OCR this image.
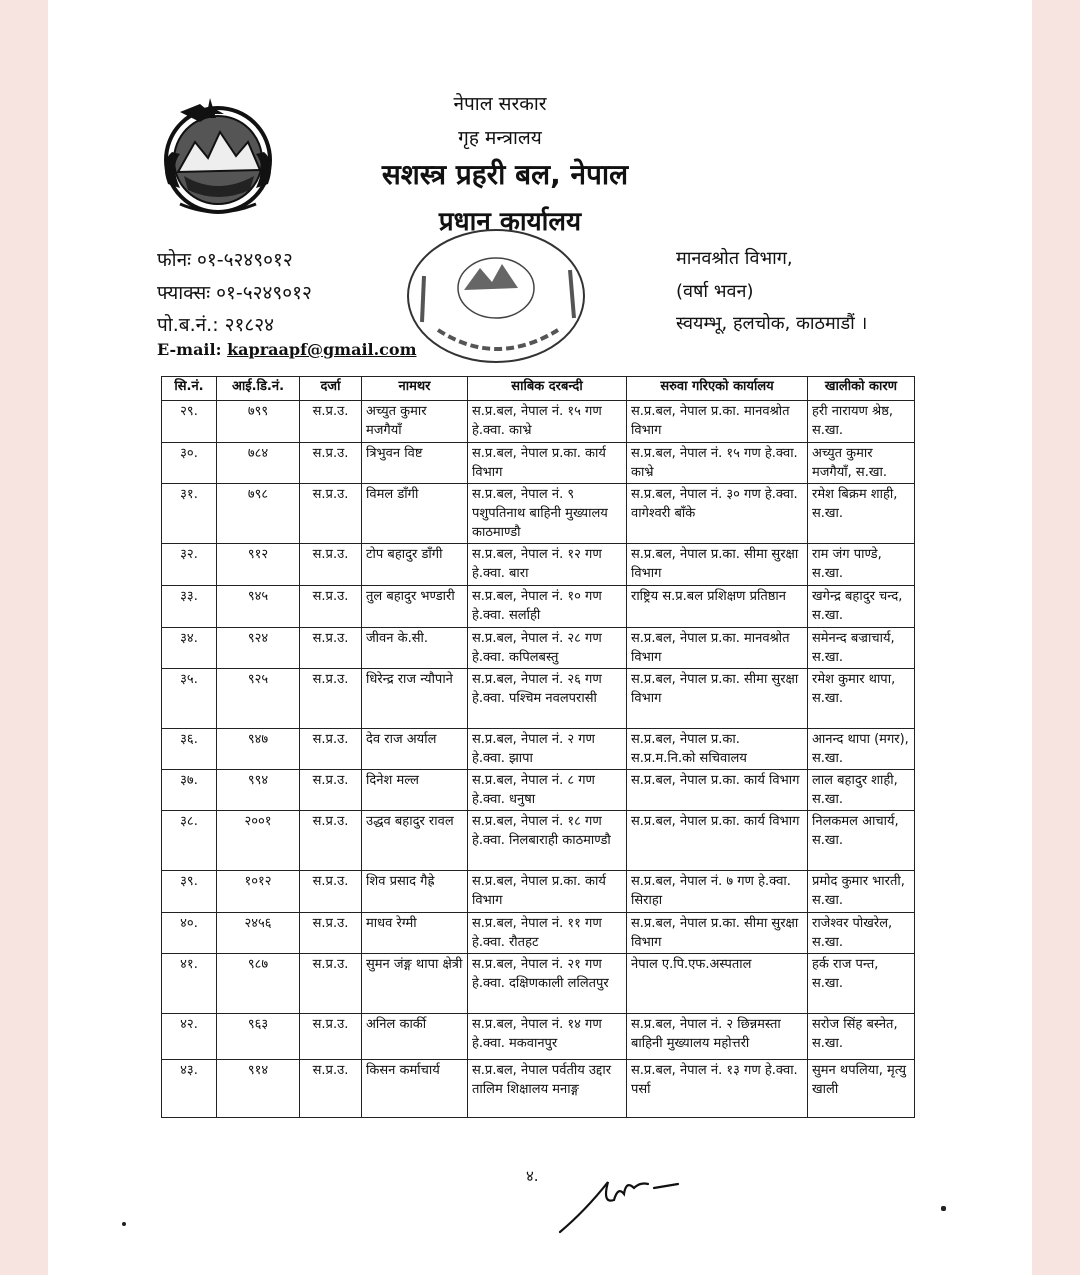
नेपाल सरकार
गृह मन्त्रालय
सशस्त्र प्रहरी बल, नेपाल
प्रधान कार्यालय
फोनः ०१-५२४९०१२
फ्याक्सः ०१-५२४९०१२
पो.ब.नं.: २१८२४
E-mail: kapraapf@gmail.com
मानवश्रोत विभाग,
(वर्षा भवन)
स्वयम्भू, हलचोक, काठमाडौं ।
सि.नं.	आई.डि.नं.	दर्जा	नामथर	साबिक दरबन्दी	सरुवा गरिएको कार्यालय	खालीको कारण
२९.	७९९	स.प्र.उ.	अच्युत कुमार मजगैयाँ	स.प्र.बल, नेपाल नं. १५ गण हे.क्वा. काभ्रे	स.प्र.बल, नेपाल प्र.का. मानवश्रोत विभाग	हरी नारायण श्रेष्ठ, स.खा.
३०.	७८४	स.प्र.उ.	त्रिभुवन विष्ट	स.प्र.बल, नेपाल प्र.का. कार्य विभाग	स.प्र.बल, नेपाल नं. १५ गण हे.क्वा. काभ्रे	अच्युत कुमार मजगैयाँ, स.खा.
३१.	७९८	स.प्र.उ.	विमल डाँगी	स.प्र.बल, नेपाल नं. ९ पशुपतिनाथ बाहिनी मुख्यालय काठमाण्डौ	स.प्र.बल, नेपाल नं. ३० गण हे.क्वा. वागेश्वरी बाँके	रमेश बिक्रम शाही, स.खा.
३२.	९१२	स.प्र.उ.	टोप बहादुर डाँगी	स.प्र.बल, नेपाल नं. १२ गण हे.क्वा. बारा	स.प्र.बल, नेपाल प्र.का. सीमा सुरक्षा विभाग	राम जंग पाण्डे, स.खा.
३३.	९४५	स.प्र.उ.	तुल बहादुर भण्डारी	स.प्र.बल, नेपाल नं. १० गण हे.क्वा. सर्लाही	राष्ट्रिय स.प्र.बल प्रशिक्षण प्रतिष्ठान	खगेन्द्र बहादुर चन्द, स.खा.
३४.	९२४	स.प्र.उ.	जीवन के.सी.	स.प्र.बल, नेपाल नं. २८ गण हे.क्वा. कपिलबस्तु	स.प्र.बल, नेपाल प्र.का. मानवश्रोत विभाग	समेनन्द बज्राचार्य, स.खा.
३५.	९२५	स.प्र.उ.	धिरेन्द्र राज न्यौपाने	स.प्र.बल, नेपाल नं. २६ गण हे.क्वा. पश्चिम नवलपरासी	स.प्र.बल, नेपाल प्र.का. सीमा सुरक्षा विभाग	रमेश कुमार थापा, स.खा.
३६.	९४७	स.प्र.उ.	देव राज अर्याल	स.प्र.बल, नेपाल नं. २ गण हे.क्वा. झापा	स.प्र.बल, नेपाल प्र.का. स.प्र.म.नि.को सचिवालय	आनन्द थापा (मगर), स.खा.
३७.	९९४	स.प्र.उ.	दिनेश मल्ल	स.प्र.बल, नेपाल नं. ८ गण हे.क्वा. धनुषा	स.प्र.बल, नेपाल प्र.का. कार्य विभाग	लाल बहादुर शाही, स.खा.
३८.	२००१	स.प्र.उ.	उद्धव बहादुर रावल	स.प्र.बल, नेपाल नं. १८ गण हे.क्वा. निलबाराही काठमाण्डौ	स.प्र.बल, नेपाल प्र.का. कार्य विभाग	निलकमल आचार्य, स.खा.
३९.	१०१२	स.प्र.उ.	शिव प्रसाद गैह्रे	स.प्र.बल, नेपाल प्र.का. कार्य विभाग	स.प्र.बल, नेपाल नं. ७ गण हे.क्वा. सिराहा	प्रमोद कुमार भारती, स.खा.
४०.	२४५६	स.प्र.उ.	माधव रेग्मी	स.प्र.बल, नेपाल नं. ११ गण हे.क्वा. रौतहट	स.प्र.बल, नेपाल प्र.का. सीमा सुरक्षा विभाग	राजेश्वर पोखरेल, स.खा.
४१.	९८७	स.प्र.उ.	सुमन जंङ्ग थापा क्षेत्री	स.प्र.बल, नेपाल नं. २१ गण हे.क्वा. दक्षिणकाली ललितपुर	नेपाल ए.पि.एफ.अस्पताल	हर्क राज पन्त, स.खा.
४२.	९६३	स.प्र.उ.	अनिल कार्की	स.प्र.बल, नेपाल नं. १४ गण हे.क्वा. मकवानपुर	स.प्र.बल, नेपाल नं. २ छिन्नमस्ता बाहिनी मुख्यालय महोत्तरी	सरोज सिंह बस्नेत, स.खा.
४३.	९१४	स.प्र.उ.	किसन कर्माचार्य	स.प्र.बल, नेपाल पर्वतीय उद्दार तालिम शिक्षालय मनाङ्ग	स.प्र.बल, नेपाल नं. १३ गण हे.क्वा. पर्सा	सुमन थपलिया, मृत्यु खाली
४.
